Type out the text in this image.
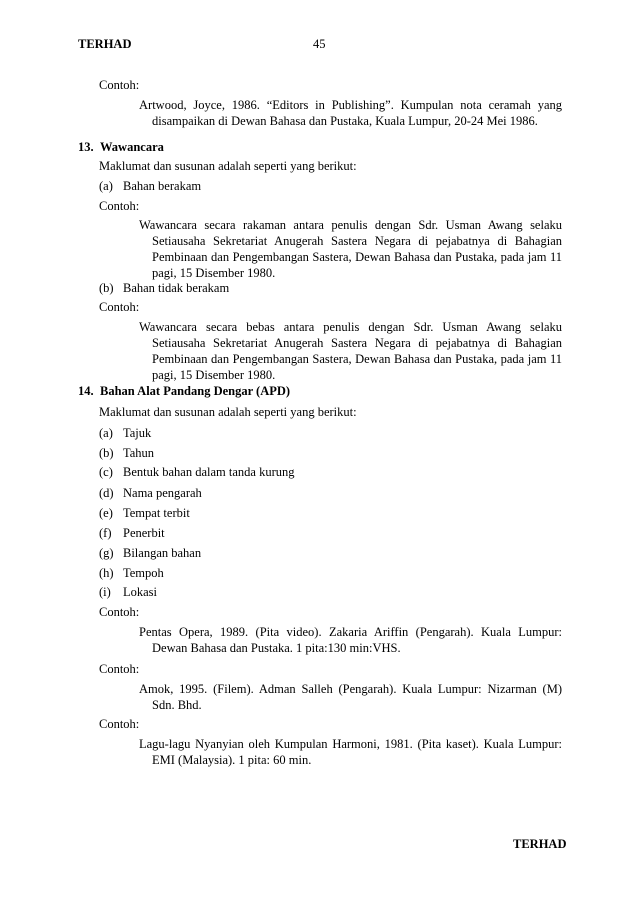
TERHAD	45

Contoh:

Artwood, Joyce, 1986. “Editors in Publishing”. Kumpulan nota ceramah yang disampaikan di Dewan Bahasa dan Pustaka, Kuala Lumpur, 20-24 Mei 1986.

13. Wawancara

Maklumat dan susunan adalah seperti yang berikut:

(a) Bahan berakam

Contoh:

Wawancara secara rakaman antara penulis dengan Sdr. Usman Awang selaku Setiausaha Sekretariat Anugerah Sastera Negara di pejabatnya di Bahagian Pembinaan dan Pengembangan Sastera, Dewan Bahasa dan Pustaka, pada jam 11 pagi, 15 Disember 1980.

(b) Bahan tidak berakam

Contoh:

Wawancara secara bebas antara penulis dengan Sdr. Usman Awang selaku Setiausaha Sekretariat Anugerah Sastera Negara di pejabatnya di Bahagian Pembinaan dan Pengembangan Sastera, Dewan Bahasa dan Pustaka, pada jam 11 pagi, 15 Disember 1980.

14. Bahan Alat Pandang Dengar (APD)

Maklumat dan susunan adalah seperti yang berikut:

(a) Tajuk
(b) Tahun
(c) Bentuk bahan dalam tanda kurung
(d) Nama pengarah
(e) Tempat terbit
(f) Penerbit
(g) Bilangan bahan
(h) Tempoh
(i) Lokasi

Contoh:

Pentas Opera, 1989. (Pita video). Zakaria Ariffin (Pengarah). Kuala Lumpur: Dewan Bahasa dan Pustaka. 1 pita:130 min:VHS.

Contoh:

Amok, 1995. (Filem). Adman Salleh (Pengarah). Kuala Lumpur: Nizarman (M) Sdn. Bhd.

Contoh:

Lagu-lagu Nyanyian oleh Kumpulan Harmoni, 1981. (Pita kaset). Kuala Lumpur: EMI (Malaysia). 1 pita: 60 min.

TERHAD
